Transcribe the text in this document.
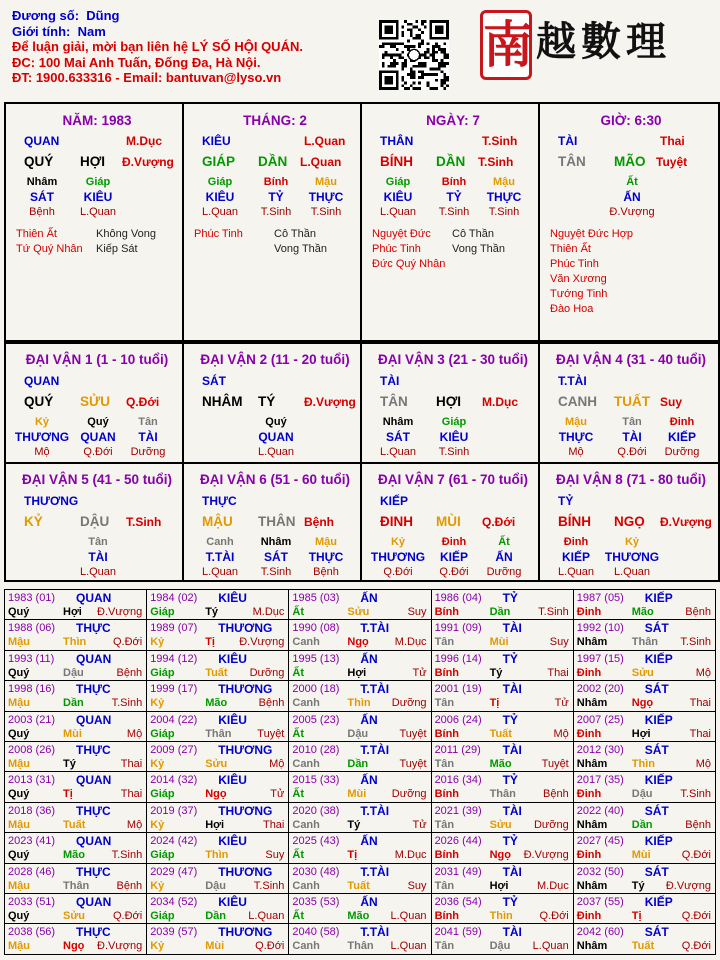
Đương số: Dũng
Giới tính: Nam
Để luận giải, mời bạn liên hệ LÝ SỐ HỘI QUÁN.
ĐC: 100 Mai Anh Tuấn, Đống Đa, Hà Nội.
ĐT: 1900.633316 - Email: bantuvan@lyso.vn
南 越數理
NĂM: 1983
QUAN	M.Dục
QUÝ HỢI Đ.Vượng
Nhâm	Giáp
SÁT KIÊU
Bệnh L.Quan
Thiên Ất
Tứ Quý Nhân
Không Vong
Kiếp Sát
THÁNG: 2
KIÊU	L.Quan
GIÁP DẦN L.Quan
Giáp	Bính Mậu
KIÊU	TỶ THỰC
L.Quan T.Sinh T.Sinh
Phúc Tinh	Cô Thần
Vong Thần
NGÀY: 7
THÂN	T.Sinh
BÍNH DẦN T.Sinh
Giáp	Bính Mậu
KIÊU	TỶ THỰC
L.Quan T.Sinh T.Sinh
Nguyệt Đức
Phúc Tinh
Đức Quý Nhân
Cô Thần
Vong Thần
GIỜ: 6:30
TÀI	Thai
TÂN MÃO Tuyệt
Ất
ẤN
Đ.Vượng
Nguyệt Đức Hợp
Thiên Ất
Phúc Tinh
Văn Xương
Tướng Tinh
Đào Hoa
ĐẠI VẬN 1 (1 - 10 tuổi)
QUAN
QUÝ SỬU Q.Đới
Kỷ	Quý	Tân
THƯƠNG QUAN TÀI
Mộ	Q.Đới Dưỡng
ĐẠI VẬN 2 (11 - 20 tuổi)
SÁT
NHÂM TÝ Đ.Vượng
Quý
QUAN
L.Quan
ĐẠI VẬN 3 (21 - 30 tuổi)
TÀI
TÂN HỢI M.Dục
Nhâm	Giáp
SÁT KIÊU
L.Quan T.Sinh
ĐẠI VẬN 4 (31 - 40 tuổi)
T.TÀI
CANH TUẤT Suy
Mậu	Tân	Đinh
THỰC TÀI KIẾP
Mộ	Q.Đới Dưỡng
ĐẠI VẬN 5 (41 - 50 tuổi)
THƯƠNG
KỶ	DẬU T.Sinh
Tân
TÀI
L.Quan
ĐẠI VẬN 6 (51 - 60 tuổi)
THỰC
MẬU THÂN Bệnh
Canh Nhâm Mậu
T.TÀI SÁT THỰC
L.Quan T.Sinh Bệnh
ĐẠI VẬN 7 (61 - 70 tuổi)
KIẾP
ĐINH MÙI Q.Đới
Kỷ	Đinh	Ất
THƯƠNG KIẾP ẤN
Q.Đới Q.Đới Dưỡng
ĐẠI VẬN 8 (71 - 80 tuổi)
TỶ
BÍNH NGỌ Đ.Vượng
Đinh	Kỷ
KIẾP THƯƠNG
L.Quan L.Quan
1983 (01) QUAN
Quý Hợi Đ.Vượng	1984 (02) KIÊU
Giáp Tý M.Dục	1985 (03) ẤN
Ất Sửu Suy	1986 (04) TỶ
Bính Dần T.Sinh	1987 (05) KIẾP
Đinh Mão Bệnh

1988 (06) THỰC
Mậu Thìn Q.Đới	1989 (07) THƯƠNG
Kỷ Tị Đ.Vượng	1990 (08) T.TÀI
Canh Ngọ M.Dục	1991 (09) TÀI
Tân Mùi Suy	1992 (10) SÁT
Nhâm Thân T.Sinh

1993 (11) QUAN
Quý Dậu Bệnh	1994 (12) KIÊU
Giáp Tuất Dưỡng	1995 (13) ẤN
Ất Hợi Tử	1996 (14) TỶ
Bính Tý Thai	1997 (15) KIẾP
Đinh Sửu Mộ

1998 (16) THỰC
Mậu Dần T.Sinh	1999 (17) THƯƠNG
Kỷ Mão Bệnh	2000 (18) T.TÀI
Canh Thìn Dưỡng	2001 (19) TÀI
Tân Tị Tử	2002 (20) SÁT
Nhâm Ngọ Thai

2003 (21) QUAN
Quý Mùi Mộ	2004 (22) KIÊU
Giáp Thân Tuyệt	2005 (23) ẤN
Ất Dậu Tuyệt	2006 (24) TỶ
Bính Tuất Mộ	2007 (25) KIẾP
Đinh Hợi Thai

2008 (26) THỰC
Mậu Tý Thai	2009 (27) THƯƠNG
Kỷ Sửu Mộ	2010 (28) T.TÀI
Canh Dần Tuyệt	2011 (29) TÀI
Tân Mão Tuyệt	2012 (30) SÁT
Nhâm Thìn Mộ

2013 (31) QUAN
Quý Tị Thai	2014 (32) KIÊU
Giáp Ngọ Tử	2015 (33) ẤN
Ất Mùi Dưỡng	2016 (34) TỶ
Bính Thân Bệnh	2017 (35) KIẾP
Đinh Dậu T.Sinh

2018 (36) THỰC
Mậu Tuất Mộ	2019 (37) THƯƠNG
Kỷ Hợi Thai	2020 (38) T.TÀI
Canh Tý Tử	2021 (39) TÀI
Tân Sửu Dưỡng	2022 (40) SÁT
Nhâm Dần Bệnh

2023 (41) QUAN
Quý Mão T.Sinh	2024 (42) KIÊU
Giáp Thìn Suy	2025 (43) ẤN
Ất Tị M.Dục	2026 (44) TỶ
Bính Ngọ Đ.Vượng	2027 (45) KIẾP
Đinh Mùi Q.Đới

2028 (46) THỰC
Mậu Thân Bệnh	2029 (47) THƯƠNG
Kỷ Dậu T.Sinh	2030 (48) T.TÀI
Canh Tuất Suy	2031 (49) TÀI
Tân Hợi M.Dục	2032 (50) SÁT
Nhâm Tý Đ.Vượng

2033 (51) QUAN
Quý Sửu Q.Đới	2034 (52) KIÊU
Giáp Dần L.Quan	2035 (53) ẤN
Ất Mão L.Quan	2036 (54) TỶ
Bính Thìn Q.Đới	2037 (55) KIẾP
Đinh Tị Q.Đới

2038 (56) THỰC
Mậu Ngọ Đ.Vượng	2039 (57) THƯƠNG
Kỷ Mùi Q.Đới	2040 (58) T.TÀI
Canh Thân L.Quan	2041 (59) TÀI
Tân Dậu L.Quan	2042 (60) SÁT
Nhâm Tuất Q.Đới
